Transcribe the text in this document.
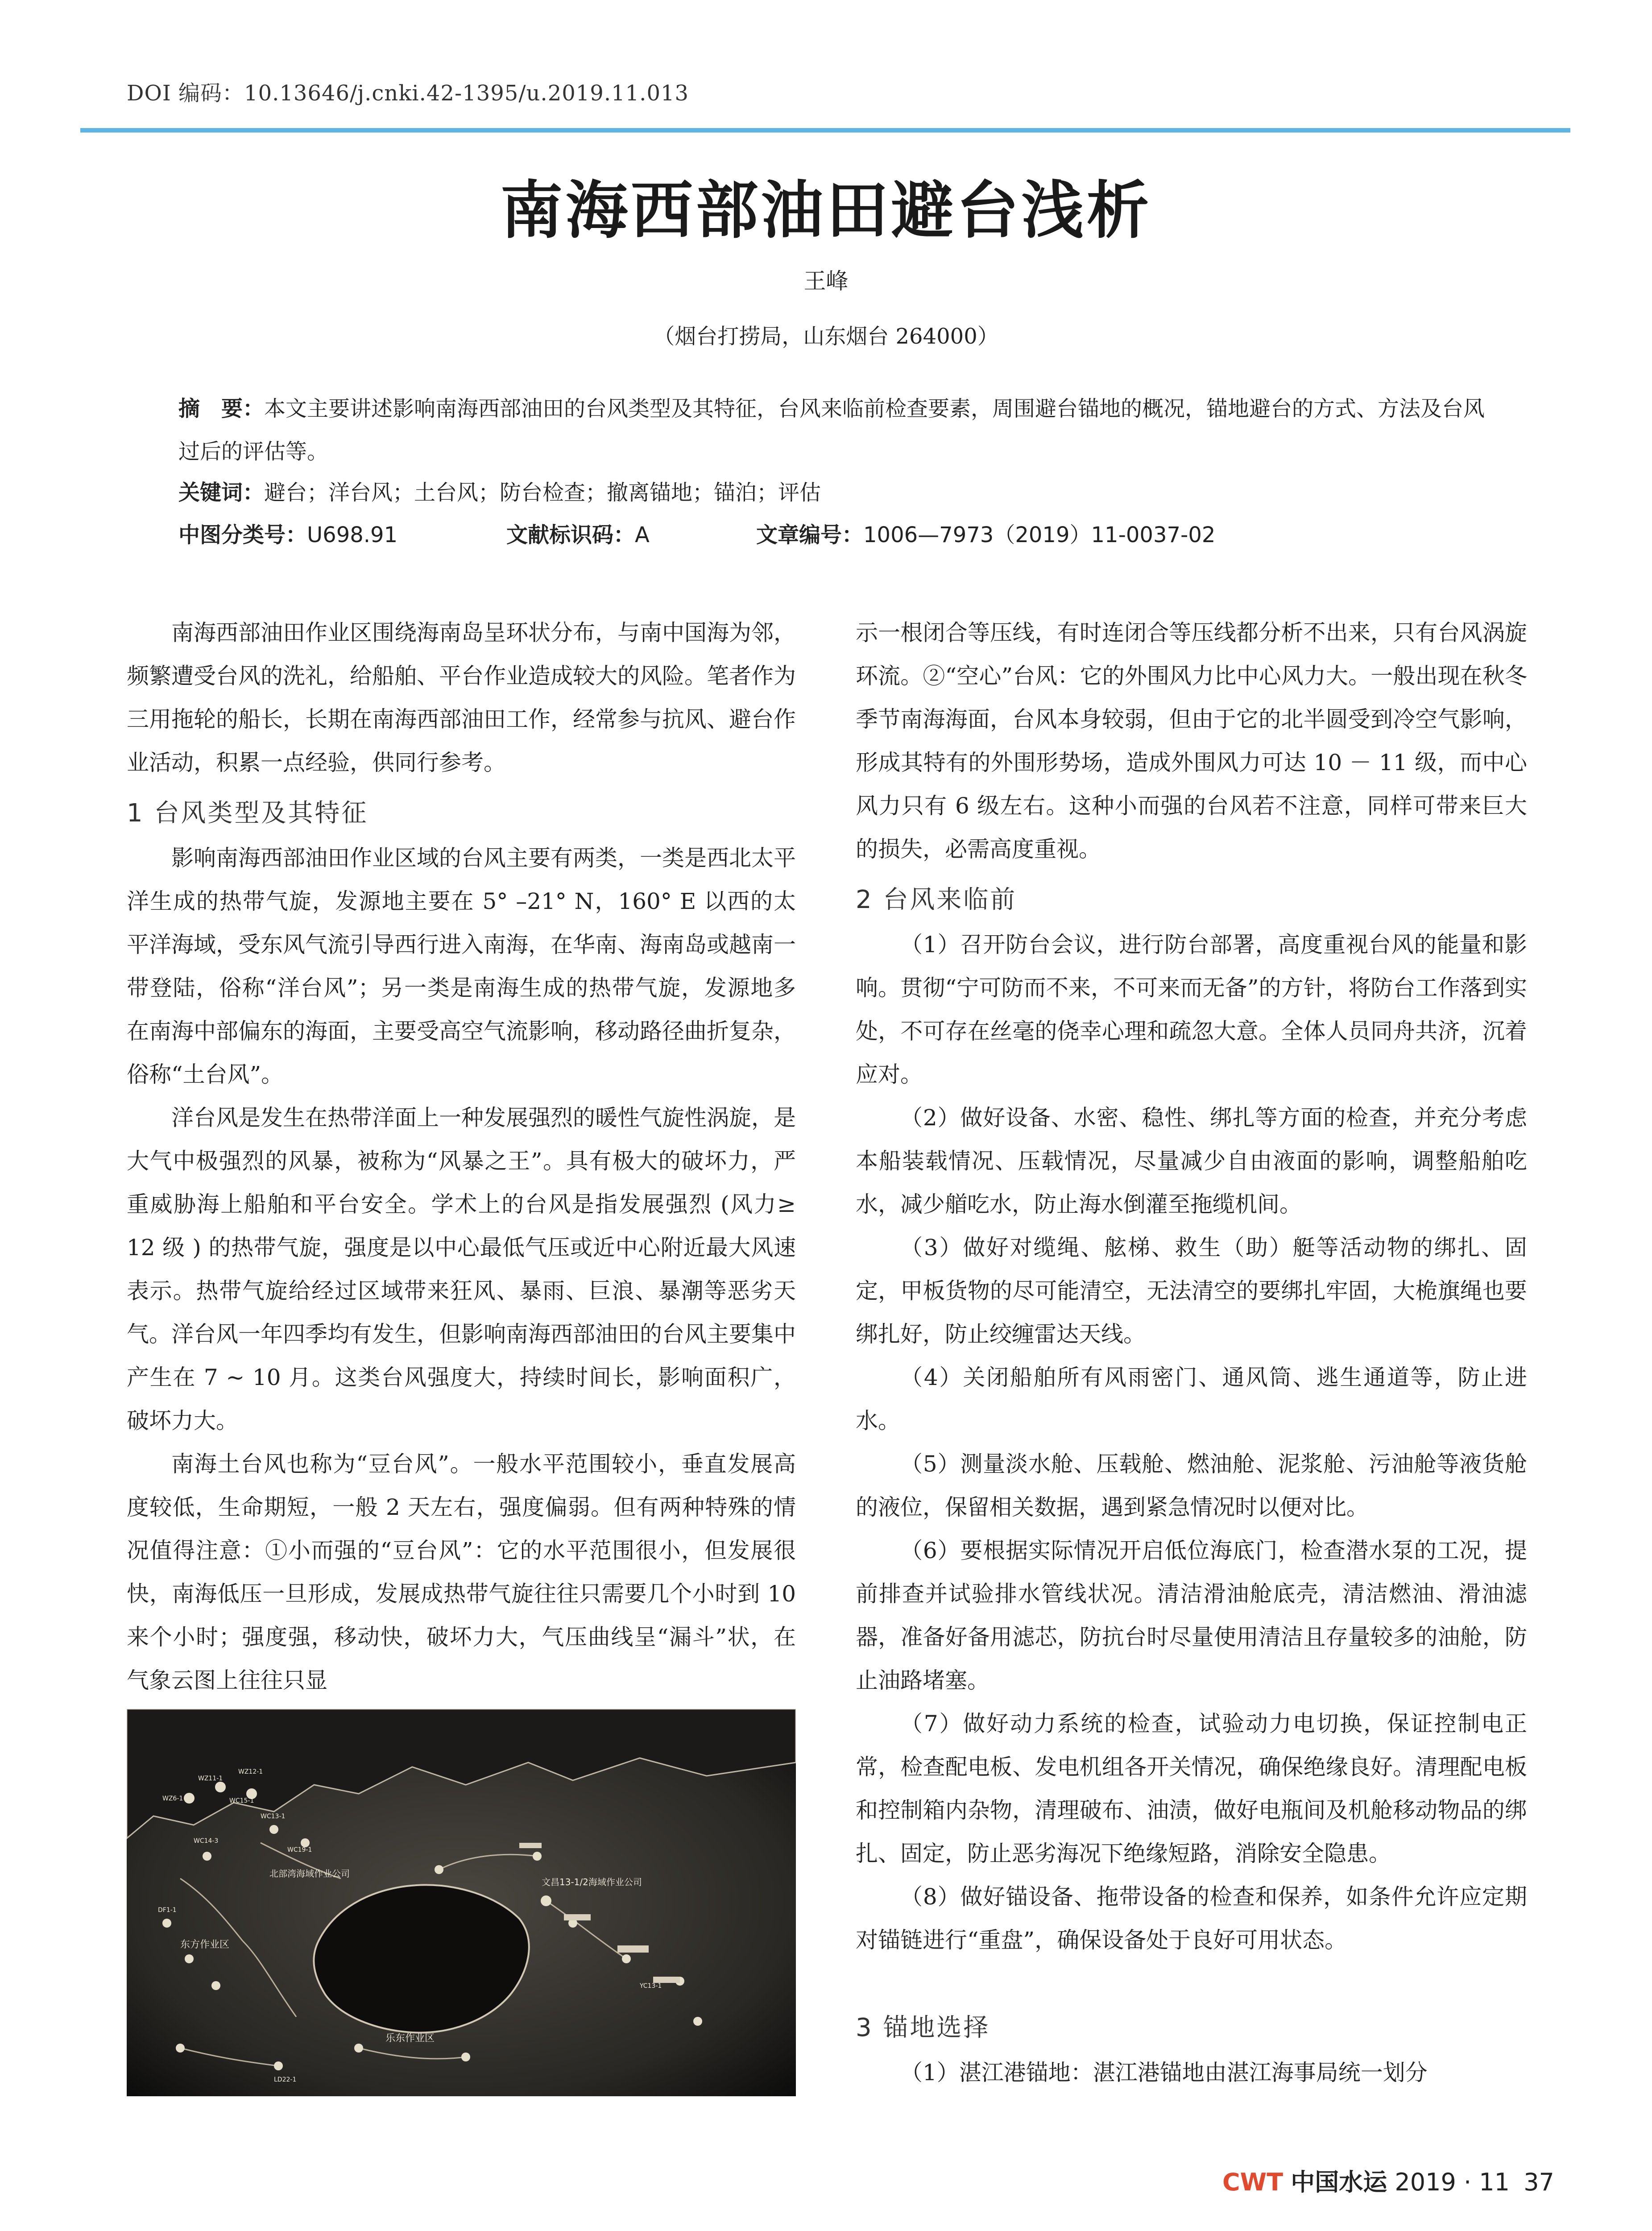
DOI 编码：10.13646/j.cnki.42-1395/u.2019.11.013
南海西部油田避台浅析
王峰
（烟台打捞局，山东烟台 264000）
摘　要：本文主要讲述影响南海西部油田的台风类型及其特征，台风来临前检查要素，周围避台锚地的概况，锚地避台的方式、方法及台风过后的评估等。
关键词：避台；洋台风；土台风；防台检查；撤离锚地；锚泊；评估
中图分类号：U698.91	文献标识码：A	文章编号：1006—7973（2019）11-0037-02

南海西部油田作业区围绕海南岛呈环状分布，与南中国海为邻，频繁遭受台风的洗礼，给船舶、平台作业造成较大的风险。笔者作为三用拖轮的船长，长期在南海西部油田工作，经常参与抗风、避台作业活动，积累一点经验，供同行参考。

1 台风类型及其特征

影响南海西部油田作业区域的台风主要有两类，一类是西北太平洋生成的热带气旋，发源地主要在 5° –21° N，160° E 以西的太平洋海域，受东风气流引导西行进入南海，在华南、海南岛或越南一带登陆，俗称“洋台风”；另一类是南海生成的热带气旋，发源地多在南海中部偏东的海面，主要受高空气流影响，移动路径曲折复杂，俗称“土台风”。

洋台风是发生在热带洋面上一种发展强烈的暖性气旋性涡旋，是大气中极强烈的风暴，被称为“风暴之王”。具有极大的破坏力，严重威胁海上船舶和平台安全。学术上的台风是指发展强烈 (风力≥ 12 级 ) 的热带气旋，强度是以中心最低气压或近中心附近最大风速表示。热带气旋给经过区域带来狂风、暴雨、巨浪、暴潮等恶劣天气。洋台风一年四季均有发生，但影响南海西部油田的台风主要集中产生在 7 ~ 10 月。这类台风强度大，持续时间长，影响面积广，破坏力大。

南海土台风也称为“豆台风”。一般水平范围较小，垂直发展高度较低，生命期短，一般 2 天左右，强度偏弱。但有两种特殊的情况值得注意：①小而强的“豆台风”：它的水平范围很小，但发展很快，南海低压一旦形成，发展成热带气旋往往只需要几个小时到 10 来个小时；强度强，移动快，破坏力大，气压曲线呈“漏斗”状，在气象云图上往往只显

北部湾海域作业公司
文昌13-1/2海域作业公司
东方作业区
乐东作业区
WC13-1
WC19-1
WC14-3
WC15-1
DF1-1
YC13-1
LD22-1
WZ11-1
WZ6-1
WZ12-1

示一根闭合等压线，有时连闭合等压线都分析不出来，只有台风涡旋环流。②“空心”台风：它的外围风力比中心风力大。一般出现在秋冬季节南海海面，台风本身较弱，但由于它的北半圆受到冷空气影响，形成其特有的外围形势场，造成外围风力可达 10 － 11 级，而中心风力只有 6 级左右。这种小而强的台风若不注意，同样可带来巨大的损失，必需高度重视。

2 台风来临前

（1）召开防台会议，进行防台部署，高度重视台风的能量和影响。贯彻“宁可防而不来，不可来而无备”的方针，将防台工作落到实处，不可存在丝毫的侥幸心理和疏忽大意。全体人员同舟共济，沉着应对。

（2）做好设备、水密、稳性、绑扎等方面的检查，并充分考虑本船装载情况、压载情况，尽量减少自由液面的影响，调整船舶吃水，减少艏吃水，防止海水倒灌至拖缆机间。

（3）做好对缆绳、舷梯、救生（助）艇等活动物的绑扎、固定，甲板货物的尽可能清空，无法清空的要绑扎牢固，大桅旗绳也要绑扎好，防止绞缠雷达天线。

（4）关闭船舶所有风雨密门、通风筒、逃生通道等，防止进水。

（5）测量淡水舱、压载舱、燃油舱、泥浆舱、污油舱等液货舱的液位，保留相关数据，遇到紧急情况时以便对比。

（6）要根据实际情况开启低位海底门，检查潜水泵的工况，提前排查并试验排水管线状况。清洁滑油舱底壳，清洁燃油、滑油滤器，准备好备用滤芯，防抗台时尽量使用清洁且存量较多的油舱，防止油路堵塞。

（7）做好动力系统的检查，试验动力电切换，保证控制电正常，检查配电板、发电机组各开关情况，确保绝缘良好。清理配电板和控制箱内杂物，清理破布、油渍，做好电瓶间及机舱移动物品的绑扎、固定，防止恶劣海况下绝缘短路，消除安全隐患。

（8）做好锚设备、拖带设备的检查和保养，如条件允许应定期对锚链进行“重盘”，确保设备处于良好可用状态。

3 锚地选择

（1）湛江港锚地：湛江港锚地由湛江海事局统一划分

CWT 中国水运 2019 · 11 37
